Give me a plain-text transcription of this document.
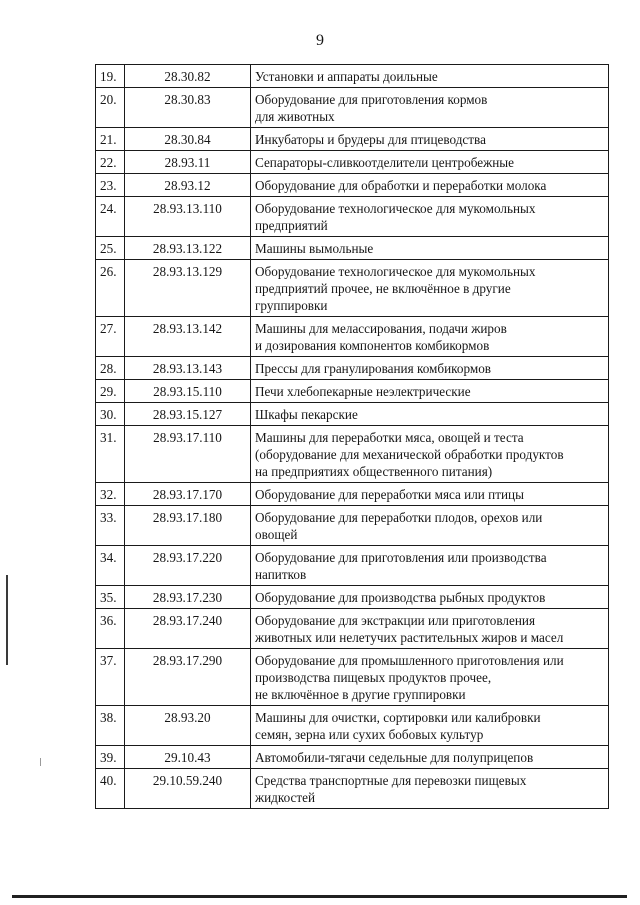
9
19.	28.30.82	Установки и аппараты доильные
20.	28.30.83	Оборудование для приготовления кормов
для животных
21.	28.30.84	Инкубаторы и брудеры для птицеводства
22.	28.93.11	Сепараторы-сливкоотделители центробежные
23.	28.93.12	Оборудование для обработки и переработки молока
24.	28.93.13.110	Оборудование технологическое для мукомольных
предприятий
25.	28.93.13.122	Машины вымольные
26.	28.93.13.129	Оборудование технологическое для мукомольных
предприятий прочее, не включённое в другие
группировки
27.	28.93.13.142	Машины для мелассирования, подачи жиров
и дозирования компонентов комбикормов
28.	28.93.13.143	Прессы для гранулирования комбикормов
29.	28.93.15.110	Печи хлебопекарные неэлектрические
30.	28.93.15.127	Шкафы пекарские
31.	28.93.17.110	Машины для переработки мяса, овощей и теста
(оборудование для механической обработки продуктов
на предприятиях общественного питания)
32.	28.93.17.170	Оборудование для переработки мяса или птицы
33.	28.93.17.180	Оборудование для переработки плодов, орехов или
овощей
34.	28.93.17.220	Оборудование для приготовления или производства
напитков
35.	28.93.17.230	Оборудование для производства рыбных продуктов
36.	28.93.17.240	Оборудование для экстракции или приготовления
животных или нелетучих растительных жиров и масел
37.	28.93.17.290	Оборудование для промышленного приготовления или
производства пищевых продуктов прочее,
не включённое в другие группировки
38.	28.93.20	Машины для очистки, сортировки или калибровки
семян, зерна или сухих бобовых культур
39.	29.10.43	Автомобили-тягачи седельные для полуприцепов
40.	29.10.59.240	Средства транспортные для перевозки пищевых
жидкостей
